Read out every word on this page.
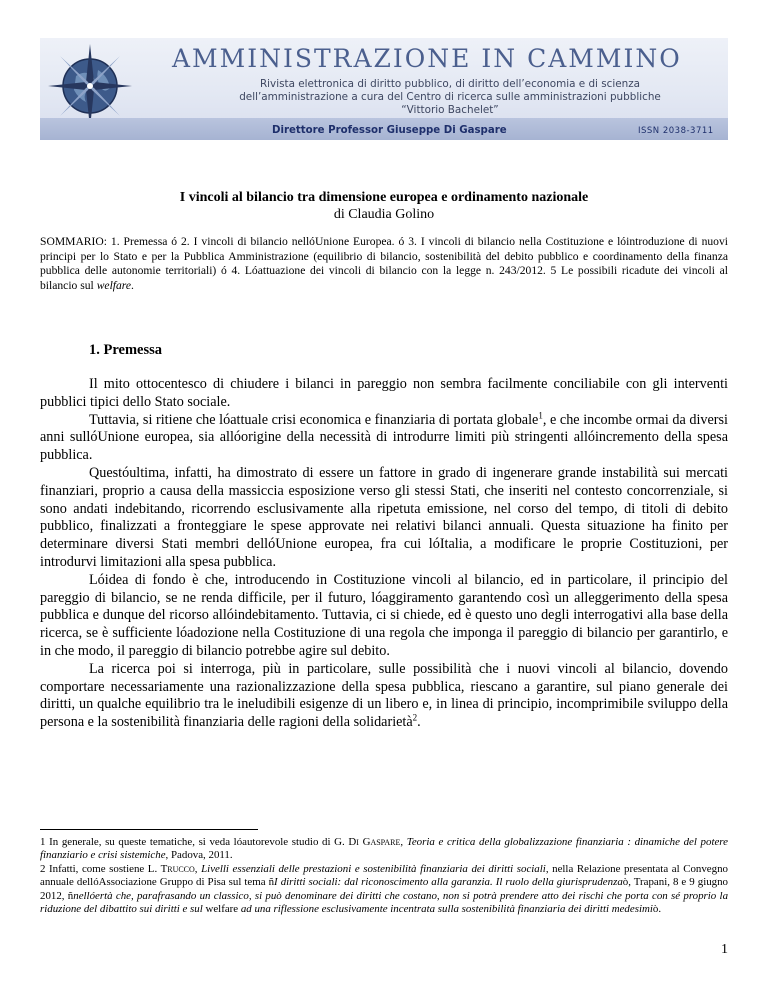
AMMINISTRAZIONE IN CAMMINO
Rivista elettronica di diritto pubblico, di diritto dell’economia e di scienza
dell’amministrazione a cura del Centro di ricerca sulle amministrazioni pubbliche
“Vittorio Bachelet”
Direttore Professor Giuseppe Di Gaspare	ISSN 2038-3711
I vincoli al bilancio tra dimensione europea e ordinamento nazionale
di Claudia Golino
SOMMARIO: 1. Premessa ó 2. I vincoli di bilancio nellóUnione Europea. ó 3. I vincoli di bilancio nella Costituzione e lóintroduzione di nuovi principi per lo Stato e per la Pubblica Amministrazione (equilibrio di bilancio, sostenibilità del debito pubblico e coordinamento della finanza pubblica delle autonomie territoriali) ó 4. Lóattuazione dei vincoli di bilancio con la legge n. 243/2012. 5 Le possibili ricadute dei vincoli al bilancio sul welfare.
1. Premessa

Il mito ottocentesco di chiudere i bilanci in pareggio non sembra facilmente conciliabile con gli interventi pubblici tipici dello Stato sociale.

Tuttavia, si ritiene che lóattuale crisi economica e finanziaria di portata globale$^1$, e che incombe ormai da diversi anni sullóUnione europea, sia allóorigine della necessità di introdurre limiti più stringenti allóincremento della spesa pubblica.

Questóultima, infatti, ha dimostrato di essere un fattore in grado di ingenerare grande instabilità sui mercati finanziari, proprio a causa della massiccia esposizione verso gli stessi Stati, che inseriti nel contesto concorrenziale, si sono andati indebitando, ricorrendo esclusivamente alla ripetuta emissione, nel corso del tempo, di titoli di debito pubblico, finalizzati a fronteggiare le spese approvate nei relativi bilanci annuali. Questa situazione ha finito per determinare diversi Stati membri dellóUnione europea, fra cui lóItalia, a modificare le proprie Costituzioni, per introdurvi limitazioni alla spesa pubblica.

Lóidea di fondo è che, introducendo in Costituzione vincoli al bilancio, ed in particolare, il principio del pareggio di bilancio, se ne renda difficile, per il futuro, lóaggiramento garantendo così un alleggerimento della spesa pubblica e dunque del ricorso allóindebitamento. Tuttavia, ci si chiede, ed è questo uno degli interrogativi alla base della ricerca, se è sufficiente lóadozione nella Costituzione di una regola che imponga il pareggio di bilancio per garantirlo, e in che modo, il pareggio di bilancio potrebbe agire sul debito.

La ricerca poi si interroga, più in particolare, sulle possibilità che i nuovi vincoli al bilancio, dovendo comportare necessariamente una razionalizzazione della spesa pubblica, riescano a garantire, sul piano generale dei diritti, un qualche equilibrio tra le ineludibili esigenze di un libero e, in linea di principio, incomprimibile sviluppo della persona e la sostenibilità finanziaria delle ragioni della solidarietà$^2$.

1 In generale, su queste tematiche, si veda lóautorevole studio di G. Di Gaspare, Teoria e critica della globalizzazione finanziaria : dinamiche del potere finanziario e crisi sistemiche, Padova, 2011.

2 Infatti, come sostiene L. Trucco, Livelli essenziali delle prestazioni e sostenibilità finanziaria dei diritti sociali, nella Relazione presentata al Convegno annuale dellóAssociazione Gruppo di Pisa sul tema ñI diritti sociali: dal riconoscimento alla garanzia. Il ruolo della giurisprudenzaò, Trapani, 8 e 9 giugno 2012, ñnellóertà che, parafrasando un classico, si può denominare dei diritti che costano, non si potrà prendere atto dei rischi che porta con sé proprio la riduzione del dibattito sui diritti e sul welfare ad una riflessione esclusivamente incentrata sulla sostenibilità finanziaria dei diritti medesimiò.

1
